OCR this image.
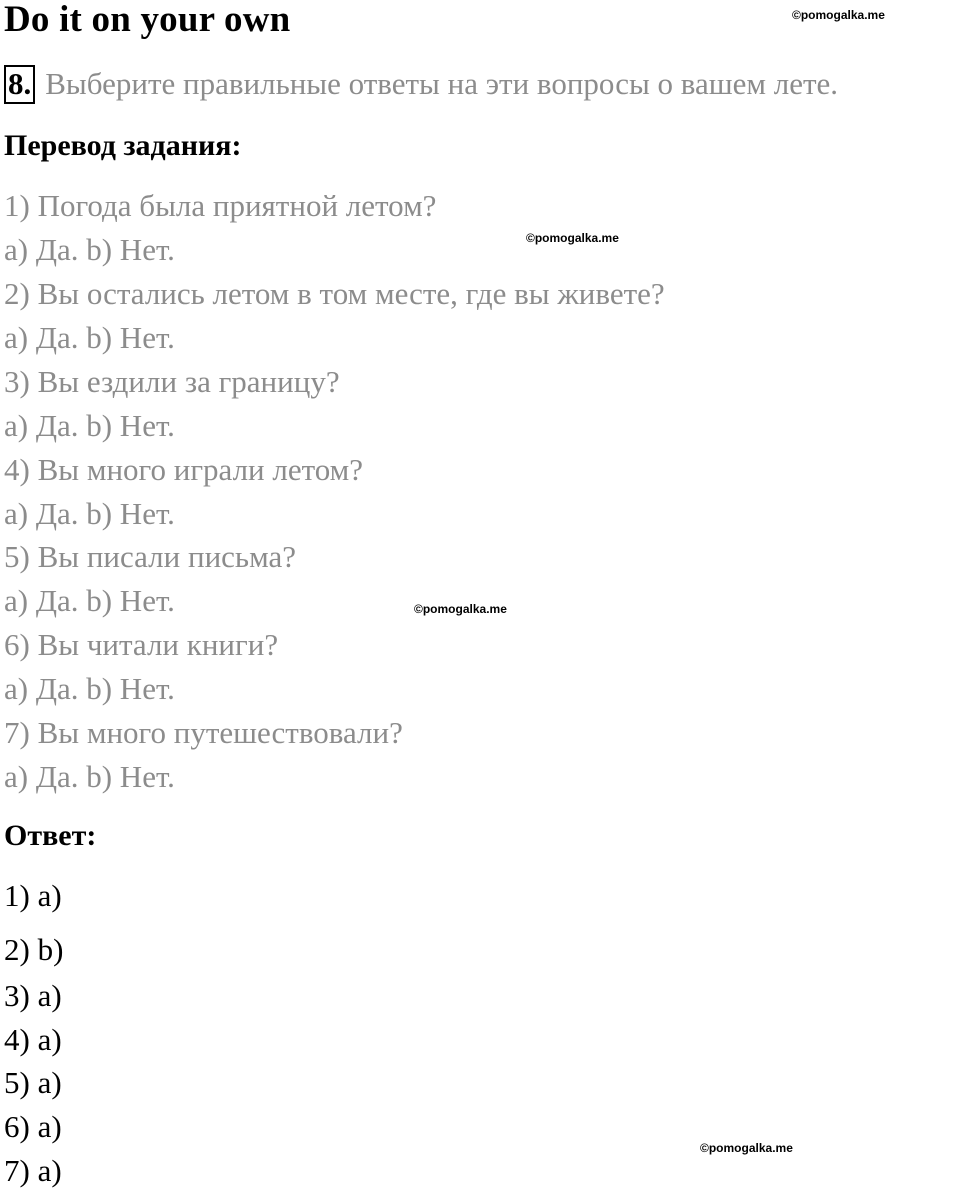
Do it on your own	©pomogalka.me
©pomogalka.me
©pomogalka.me
©pomogalka.me
8. Выберите правильные ответы на эти вопросы о вашем лете.
Перевод задания:
1) Погода была приятной летом?
a) Да. b) Нет.
2) Вы остались летом в том месте, где вы живете?
a) Да. b) Нет.
3) Вы ездили за границу?
a) Да. b) Нет.
4) Вы много играли летом?
a) Да. b) Нет.
5) Вы писали письма?
a) Да. b) Нет.
6) Вы читали книги?
a) Да. b) Нет.
7) Вы много путешествовали?
a) Да. b) Нет.
Ответ:
1) a)
2) b)
3) a)
4) a)
5) a)
6) a)
7) a)
